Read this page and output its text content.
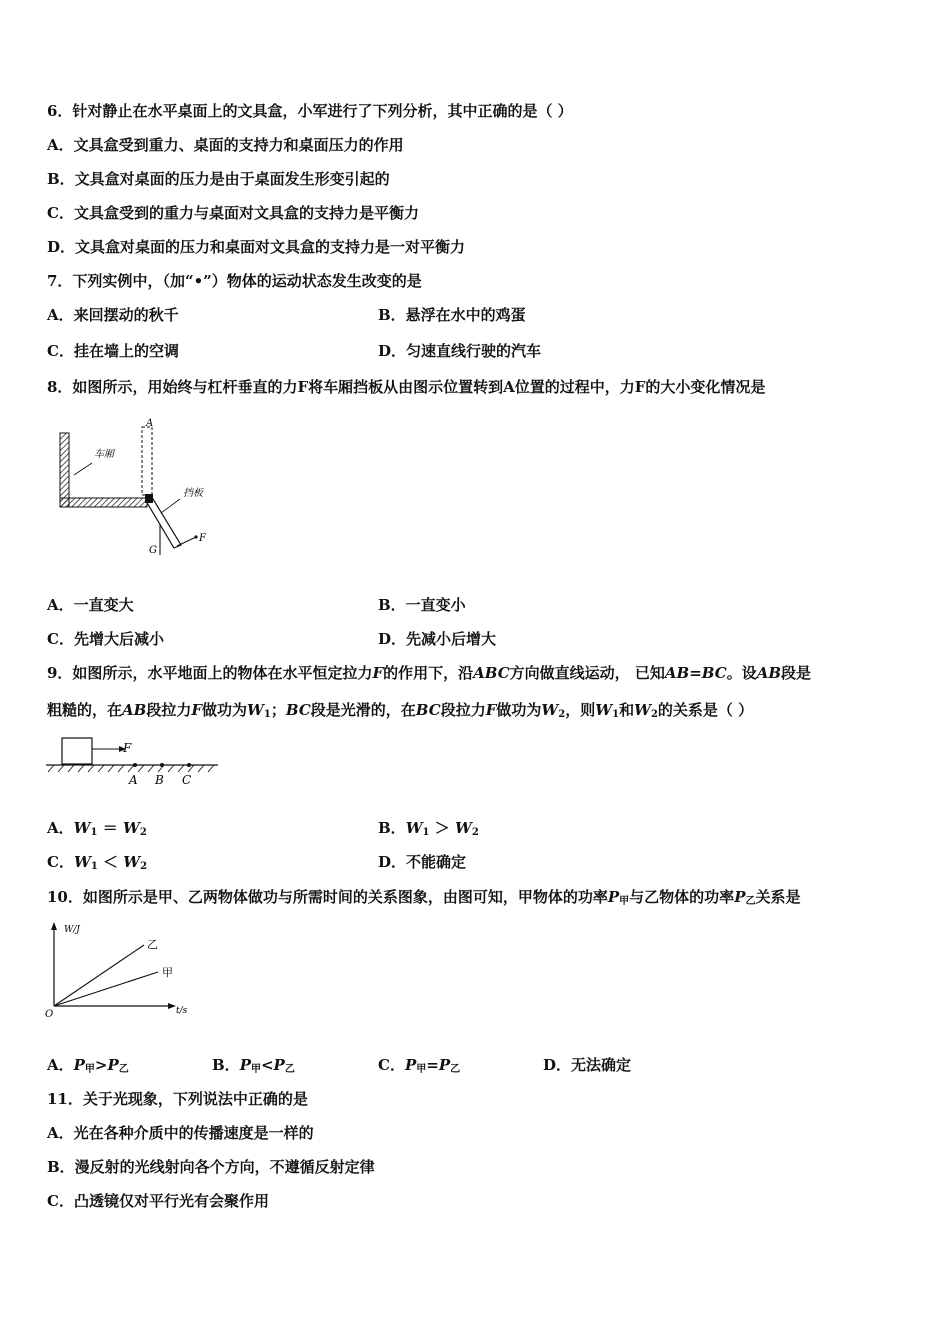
6．针对静止在水平桌面上的文具盒，小军进行了下列分析，其中正确的是（ ）
A．文具盒受到重力、桌面的支持力和桌面压力的作用
B．文具盒对桌面的压力是由于桌面发生形变引起的
C．文具盒受到的重力与桌面对文具盒的支持力是平衡力
D．文具盒对桌面的压力和桌面对文具盒的支持力是一对平衡力
7．下列实例中，（加“•”）物体的运动状态发生改变的是
A．来回摆动的秋千	B．悬浮在水中的鸡蛋
C．挂在墙上的空调	D．匀速直线行驶的汽车
8．如图所示，用始终与杠杆垂直的力F将车厢挡板从由图示位置转到A位置的过程中，力F的大小变化情况是
车厢
挡板
A
G
F
A．一直变大	B．一直变小
C．先增大后减小	D．先减小后增大
9．如图所示，水平地面上的物体在水平恒定拉力F的作用下，沿ABC方向做直线运动， 已知AB=BC。设AB段是
粗糙的，在AB段拉力F做功为$W_1$；BC段是光滑的，在BC段拉力F做功为$W_2$，则$W_1$和$W_2$的关系是（ ）
F
A B C
A．$W_1 = W_2$	B．$W_1 > W_2$
C．$W_1 < W_2$	D．不能确定
10．如图所示是甲、乙两物体做功与所需时间的关系图象，由图可知，甲物体的功率P甲与乙物体的功率P乙关系是
W/J
t/s
O
乙
甲
A．P甲>P乙	B．P甲<P乙	C．P甲=P乙	D．无法确定
11．关于光现象，下列说法中正确的是
A．光在各种介质中的传播速度是一样的
B．漫反射的光线射向各个方向，不遵循反射定律
C．凸透镜仅对平行光有会聚作用
